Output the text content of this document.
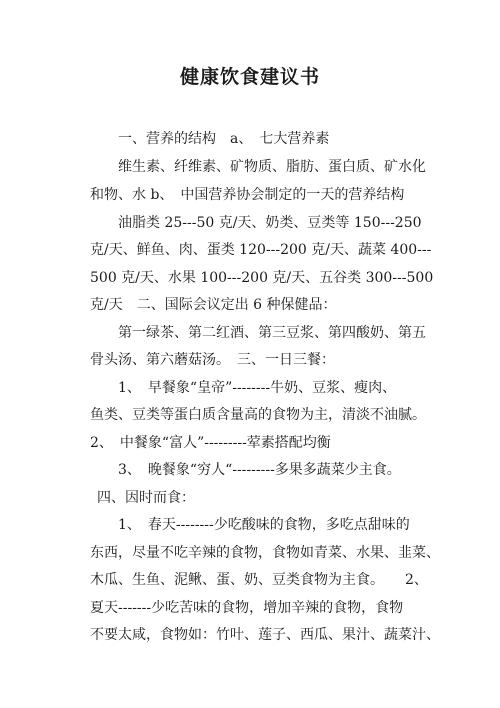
健康饮食建议书
一、营养的结构　a、　七大营养素
维生素、纤维素、矿物质、脂肪、蛋白质、矿水化
和物、水 b、　中国营养协会制定的一天的营养结构
油脂类 25---50 克/天、奶类、豆类等 150---250
克/天、鲜鱼、肉、蛋类 120---200 克/天、蔬菜 400---
500 克/天、水果 100---200 克/天、五谷类 300---500
克/天　二、国际会议定出 6 种保健品：
第一绿茶、第二红酒、第三豆浆、第四酸奶、第五
骨头汤、第六蘑菇汤。　三、一日三餐：
1、　早餐象“皇帝”--------牛奶、豆浆、瘦肉、
鱼类、豆类等蛋白质含量高的食物为主，清淡不油腻。
2、　中餐象“富人”---------荤素搭配均衡
3、　晚餐象“穷人“---------多果多蔬菜少主食。
四、因时而食：
1、　春天--------少吃酸味的食物，多吃点甜味的
东西，尽量不吃辛辣的食物，食物如青菜、水果、韭菜、
木瓜、生鱼、泥鳅、蛋、奶、豆类食物为主食。　　2、
夏天-------少吃苦味的食物，增加辛辣的食物，食物
不要太咸，食物如：竹叶、莲子、西瓜、果汁、蔬菜汁、
